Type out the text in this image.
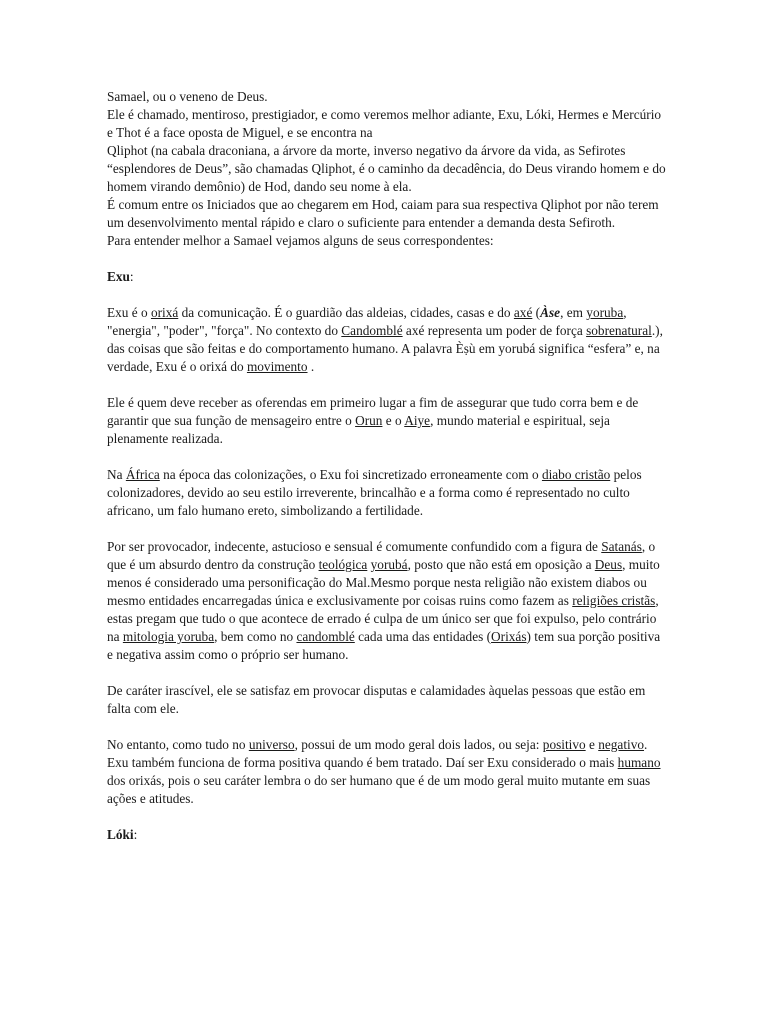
Samael, ou o veneno de Deus.

Ele é chamado, mentiroso, prestigiador, e como veremos melhor adiante, Exu, Lóki, Hermes e Mercúrio e Thot é a face oposta de Miguel, e se encontra na

Qliphot (na cabala draconiana, a árvore da morte, inverso negativo da árvore da vida, as Sefirotes “esplendores de Deus”, são chamadas Qliphot, é o caminho da decadência, do Deus virando homem e do homem virando demônio) de Hod, dando seu nome à ela.

É comum entre os Iniciados que ao chegarem em Hod, caiam para sua respectiva Qliphot por não terem um desenvolvimento mental rápido e claro o suficiente para entender a demanda desta Sefiroth.

Para entender melhor a Samael vejamos alguns de seus correspondentes:

Exu:

Exu é o orixá da comunicação. É o guardião das aldeias, cidades, casas e do axé (Àse, em yoruba, "energia", "poder", "força". No contexto do Candomblé axé representa um poder de força sobrenatural.), das coisas que são feitas e do comportamento humano. A palavra Èṣù em yorubá significa “esfera” e, na verdade, Exu é o orixá do movimento .

Ele é quem deve receber as oferendas em primeiro lugar a fim de assegurar que tudo corra bem e de garantir que sua função de mensageiro entre o Orun e o Aiye, mundo material e espiritual, seja plenamente realizada.

Na África na época das colonizações, o Exu foi sincretizado erroneamente com o diabo cristão pelos colonizadores, devido ao seu estilo irreverente, brincalhão e a forma como é representado no culto africano, um falo humano ereto, simbolizando a fertilidade.

Por ser provocador, indecente, astucioso e sensual é comumente confundido com a figura de Satanás, o que é um absurdo dentro da construção teológica yorubá, posto que não está em oposição a Deus, muito menos é considerado uma personificação do Mal.Mesmo porque nesta religião não existem diabos ou mesmo entidades encarregadas única e exclusivamente por coisas ruins como fazem as religiões cristãs, estas pregam que tudo o que acontece de errado é culpa de um único ser que foi expulso, pelo contrário na mitologia yoruba, bem como no candomblé cada uma das entidades (Orixás) tem sua porção positiva e negativa assim como o próprio ser humano.

De caráter irascível, ele se satisfaz em provocar disputas e calamidades àquelas pessoas que estão em falta com ele.

No entanto, como tudo no universo, possui de um modo geral dois lados, ou seja: positivo e negativo. Exu também funciona de forma positiva quando é bem tratado. Daí ser Exu considerado o mais humano dos orixás, pois o seu caráter lembra o do ser humano que é de um modo geral muito mutante em suas ações e atitudes.

Lóki:
